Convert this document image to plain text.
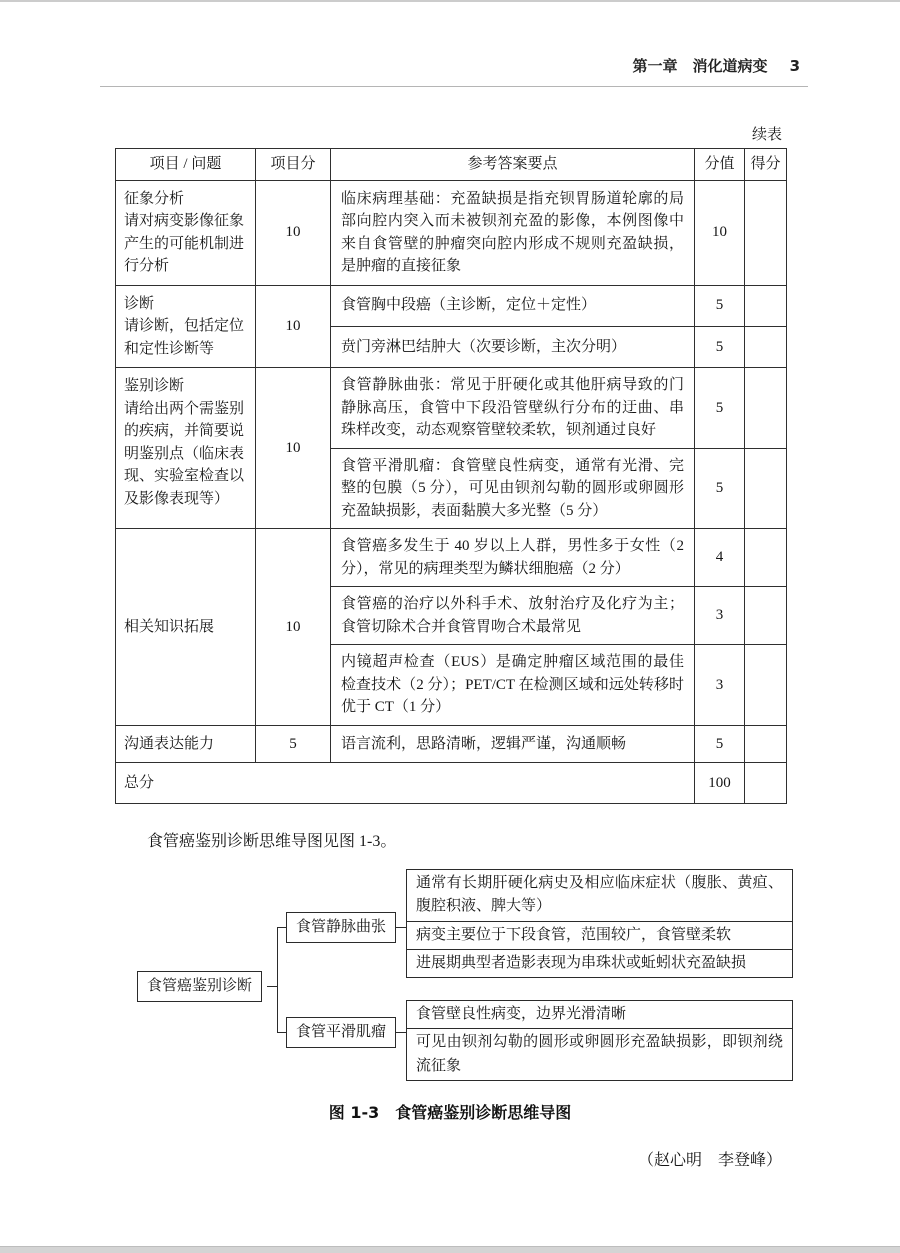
第一章　消化道病变 3
续表
项目 / 问题	项目分	参考答案要点	分值	得分

征象分析
请对病变影像征象产生的可能机制进行分析	10	临床病理基础：充盈缺损是指充钡胃肠道轮廓的局部向腔内突入而未被钡剂充盈的影像，本例图像中来自食管壁的肿瘤突向腔内形成不规则充盈缺损，是肿瘤的直接征象	10	

诊断
请诊断，包括定位和定性诊断等	10	食管胸中段癌（主诊断，定位＋定性）	5	
		贲门旁淋巴结肿大（次要诊断，主次分明）	5	

鉴别诊断
请给出两个需鉴别的疾病，并简要说明鉴别点（临床表现、实验室检查以及影像表现等）	10	食管静脉曲张：常见于肝硬化或其他肝病导致的门静脉高压，食管中下段沿管壁纵行分布的迂曲、串珠样改变，动态观察管壁较柔软，钡剂通过良好	5	
		食管平滑肌瘤：食管壁良性病变，通常有光滑、完整的包膜（5 分），可见由钡剂勾勒的圆形或卵圆形充盈缺损影，表面黏膜大多光整（5 分）	5	

相关知识拓展	10	食管癌多发生于 40 岁以上人群，男性多于女性（2 分），常见的病理类型为鳞状细胞癌（2 分）	4	
		食管癌的治疗以外科手术、放射治疗及化疗为主；食管切除术合并食管胃吻合术最常见	3	
		内镜超声检查（EUS）是确定肿瘤区域范围的最佳检查技术（2 分）；PET/CT 在检测区域和远处转移时优于 CT（1 分）	3	

沟通表达能力	5	语言流利，思路清晰，逻辑严谨，沟通顺畅	5	
总分			100	

食管癌鉴别诊断思维导图见图 1-3。

食管癌鉴别诊断
食管静脉曲张
食管平滑肌瘤
通常有长期肝硬化病史及相应临床症状（腹胀、黄疸、腹腔积液、脾大等）
病变主要位于下段食管，范围较广，食管壁柔软
进展期典型者造影表现为串珠状或蚯蚓状充盈缺损
食管壁良性病变，边界光滑清晰
可见由钡剂勾勒的圆形或卵圆形充盈缺损影，即钡剂绕流征象
图 1-3　食管癌鉴别诊断思维导图
（赵心明　李登峰）
